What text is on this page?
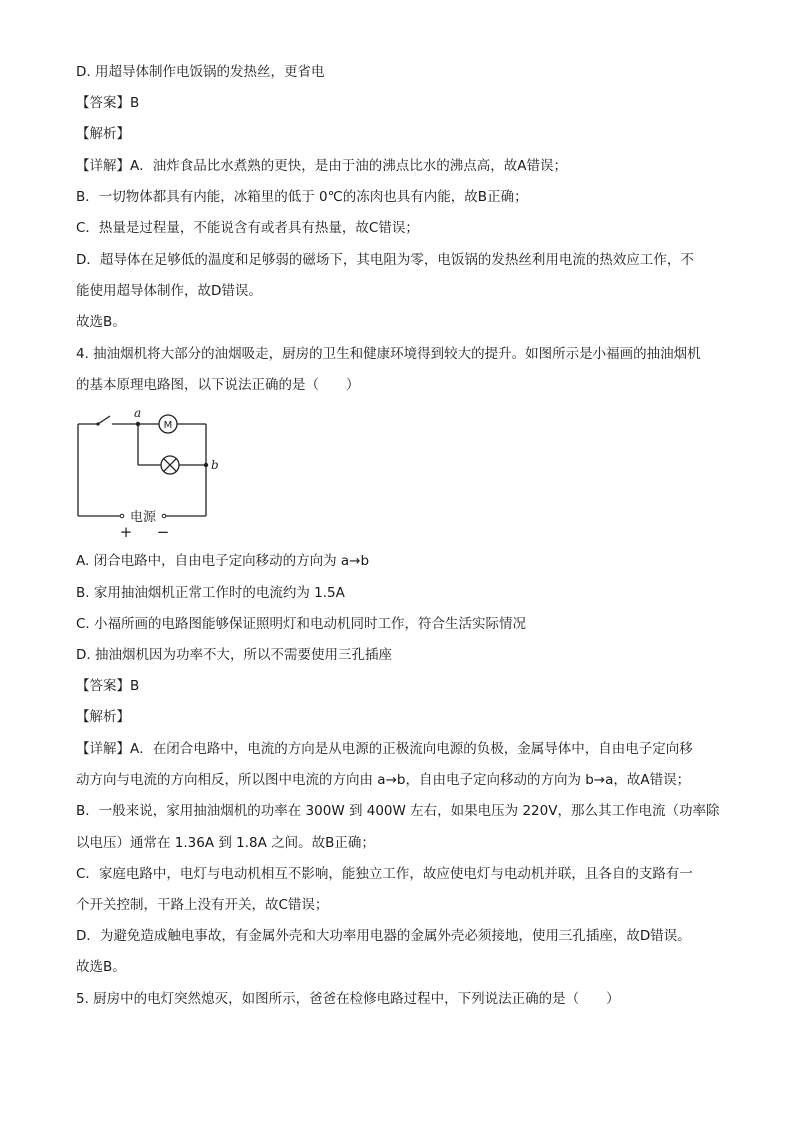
D. 用超导体制作电饭锅的发热丝，更省电
【答案】B
【解析】
【详解】A．油炸食品比水煮熟的更快，是由于油的沸点比水的沸点高，故A错误；
B．一切物体都具有内能，冰箱里的低于 0℃的冻肉也具有内能，故B正确；
C．热量是过程量，不能说含有或者具有热量，故C错误；
D．超导体在足够低的温度和足够弱的磁场下，其电阻为零，电饭锅的发热丝利用电流的热效应工作，不
能使用超导体制作，故D错误。
故选B。
4. 抽油烟机将大部分的油烟吸走，厨房的卫生和健康环境得到较大的提升。如图所示是小福画的抽油烟机
的基本原理电路图，以下说法正确的是（　　）
a
b
M
电源
+ −
A. 闭合电路中，自由电子定向移动的方向为 a→b
B. 家用抽油烟机正常工作时的电流约为 1.5A
C. 小福所画的电路图能够保证照明灯和电动机同时工作，符合生活实际情况
D. 抽油烟机因为功率不大，所以不需要使用三孔插座
【答案】B
【解析】
【详解】A．在闭合电路中，电流的方向是从电源的正极流向电源的负极，金属导体中，自由电子定向移
动方向与电流的方向相反，所以图中电流的方向由 a→b，自由电子定向移动的方向为 b→a，故A错误；
B．一般来说，家用抽油烟机的功率在 300W 到 400W 左右，如果电压为 220V，那么其工作电流（功率除
以电压）通常在 1.36A 到 1.8A 之间。故B正确；
C．家庭电路中，电灯与电动机相互不影响，能独立工作，故应使电灯与电动机并联，且各自的支路有一
个开关控制，干路上没有开关，故C错误；
D．为避免造成触电事故，有金属外壳和大功率用电器的金属外壳必须接地，使用三孔插座，故D错误。
故选B。
5. 厨房中的电灯突然熄灭，如图所示，爸爸在检修电路过程中，下列说法正确的是（　　）
